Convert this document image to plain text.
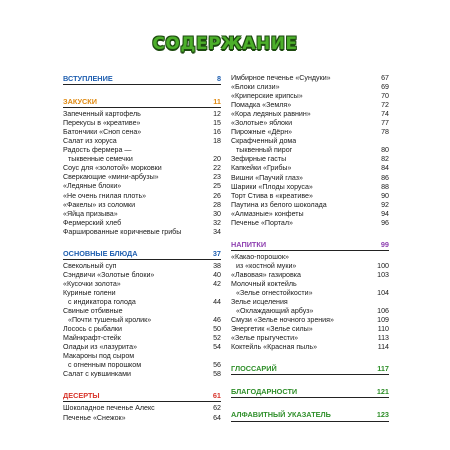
СОДЕРЖАНИЕ
ВСТУПЛЕНИЕ	8
ЗАКУСКИ	11
Запеченный картофель	12
Перекусы в «креативе»	15
Батончики «Сноп сена»	16
Салат из хоруса	18
Радость фермера —
тыквенные семечки	20
Соус для «золотой» морковки	22
Сверкающие «мини-арбузы»	23
«Ледяные блоки»	25
«Не очень гнилая плоть»	26
«Факелы» из соломки	28
«Яйца призыва»	30
Фермерский хлеб	32
Фаршированные коричневые грибы	34
ОСНОВНЫЕ БЛЮДА	37
Свекольный суп	38
Сэндвичи «Золотые блоки»	40
«Кусочки золота»	42
Куриные голени
с индикатора голода	44
Свиные отбивные
«Почти тушеный кролик»	46
Лосось с рыбалки	50
Майнкрафт-стейк	52
Оладьи из «лазурита»	54
Макароны под сыром
с огненным порошком	56
Салат с кувшинками	58
ДЕСЕРТЫ	61
Шоколадное печенье Алекс	62
Печенье «Снежок»	64
Имбирное печенье «Сундуки»	67
«Блоки слизи»	69
«Криперские крипсы»	70
Помадка «Земля»	72
«Кора ледяных равнин»	74
«Золотые» яблоки	77
Пирожные «Дёрн»	78
Скрафченный дома
тыквенный пирог	80
Зефирные гасты	82
Капкейки «Грибы»	84
Вишни «Паучий глаз»	86
Шарики «Плоды хоруса»	88
Торт Стива в «креативе»	90
Паутина из белого шоколада	92
«Алмазные» конфеты	94
Печенье «Портал»	96
НАПИТКИ	99
«Какао-порошок»
из «костной муки»	100
«Лавовая» газировка	103
Молочный коктейль
«Зелье огнестойкости»	104
Зелье исцеления
«Охлаждающий арбуз»	106
Смузи «Зелье ночного зрения»	109
Энергетик «Зелье силы»	110
«Зелье прыгучести»	113
Коктейль «Красная пыль»	114
ГЛОССАРИЙ	117
БЛАГОДАРНОСТИ	121
АЛФАВИТНЫЙ УКАЗАТЕЛЬ	123
